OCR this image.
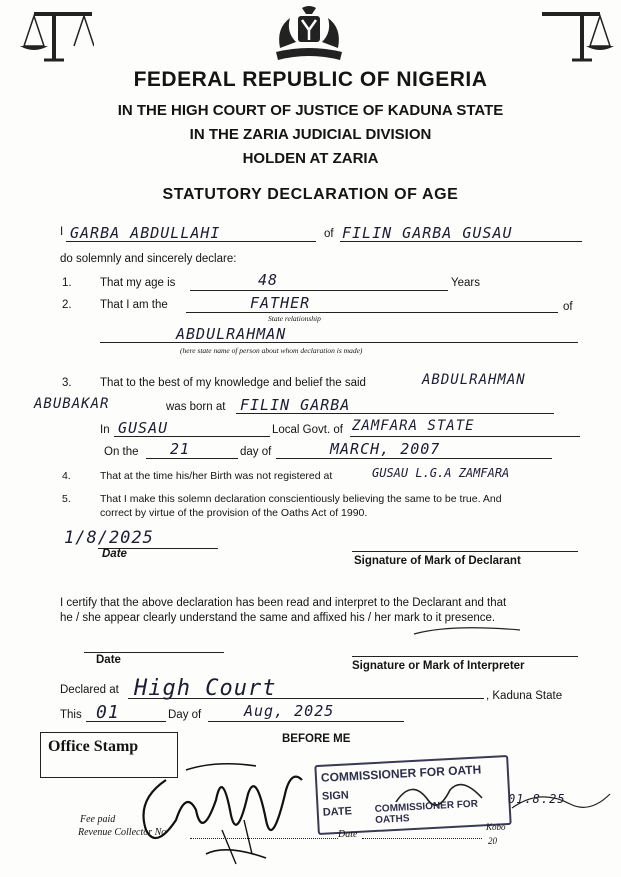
FEDERAL REPUBLIC OF NIGERIA
IN THE HIGH COURT OF JUSTICE OF KADUNA STATE
IN THE ZARIA JUDICIAL DIVISION
HOLDEN AT ZARIA
STATUTORY DECLARATION OF AGE
I GARBA ABDULLAHI	of FILIN GARBA GUSAU
do solemnly and sincerely declare:
1. That my age is	48	Years
2. That I am the	FATHER	of
State relationship
ABDULRAHMAN
(here state name of person about whom declaration is made)
3. That to the best of my knowledge and belief the said	ABDULRAHMAN
ABUBAKAR	was born at FILIN GARBA
In GUSAU	Local Govt. of ZAMFARA STATE
On the 21	day of	MARCH, 2007
4.	That at the time his/her Birth was not registered at	GUSAU L.G.A ZAMFARA
5.	That I make this solemn declaration conscientiously believing the same to be true. And
correct by virtue of the provision of the Oaths Act of 1990.
1/8/2025
Date
Signature of Mark of Declarant
I certify that the above declaration has been read and interpret to the Declarant and that
he / she appear clearly understand the same and affixed his / her mark to it presence.
Date	Signature or Mark of Interpreter
Declared at High Court	, Kaduna State
This 01	Day of	Aug, 2025
BEFORE ME
Office Stamp
COMMISSIONER FOR OATH
SIGN
DATE COMMISSIONER FOR OATHS
01.8.25
Kobo
20
Fee paid
Revenue Collector No	Date
